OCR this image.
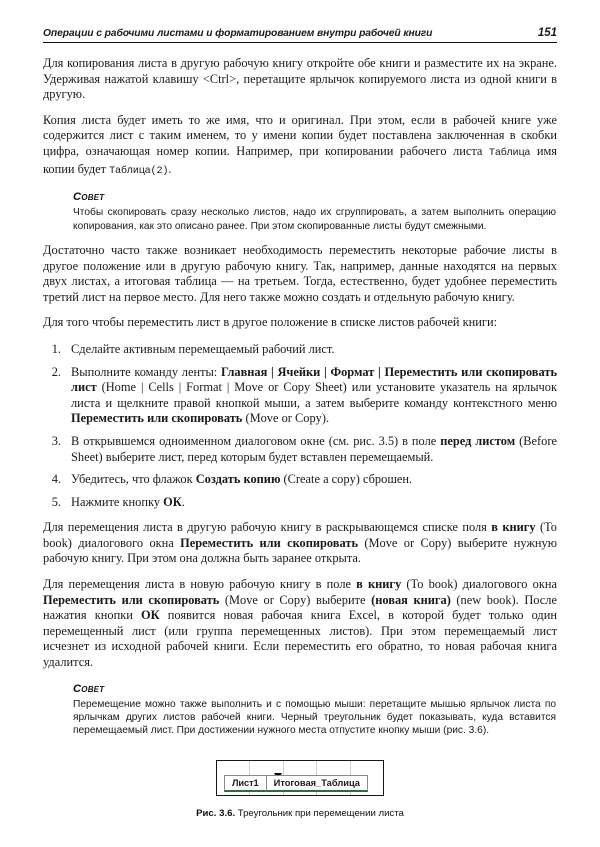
Операции с рабочими листами и форматированием внутри рабочей книги	151

Для копирования листа в другую рабочую книгу откройте обе книги и разместите их на экране. Удерживая нажатой клавишу <Ctrl>, перетащите ярлычок копируемого листа из одной книги в другую.

Копия листа будет иметь то же имя, что и оригинал. При этом, если в рабочей книге уже содержится лист с таким именем, то у имени копии будет поставлена заключенная в скобки цифра, означающая номер копии. Например, при копировании рабочего листа Таблица имя копии будет Таблица(2).

Совет
Чтобы скопировать сразу несколько листов, надо их сгруппировать, а затем выполнить операцию копирования, как это описано ранее. При этом скопированные листы будут смежными.

Достаточно часто также возникает необходимость переместить некоторые рабочие листы в другое положение или в другую рабочую книгу. Так, например, данные находятся на первых двух листах, а итоговая таблица — на третьем. Тогда, естественно, будет удобнее переместить третий лист на первое место. Для него также можно создать и отдельную рабочую книгу.

Для того чтобы переместить лист в другое положение в списке листов рабочей книги:

1. Сделайте активным перемещаемый рабочий лист.
2. Выполните команду ленты: Главная | Ячейки | Формат | Переместить или скопировать лист (Home | Cells | Format | Move or Copy Sheet) или установите указатель на ярлычок листа и щелкните правой кнопкой мыши, а затем выберите команду контекстного меню Переместить или скопировать (Move or Copy).
3. В открывшемся одноименном диалоговом окне (см. рис. 3.5) в поле перед листом (Before Sheet) выберите лист, перед которым будет вставлен перемещаемый.
4. Убедитесь, что флажок Создать копию (Create a copy) сброшен.
5. Нажмите кнопку ОК.

Для перемещения листа в другую рабочую книгу в раскрывающемся списке поля в книгу (To book) диалогового окна Переместить или скопировать (Move or Copy) выберите нужную рабочую книгу. При этом она должна быть заранее открыта.

Для перемещения листа в новую рабочую книгу в поле в книгу (To book) диалогового окна Переместить или скопировать (Move or Copy) выберите (новая книга) (new book). После нажатия кнопки ОК появится новая рабочая книга Excel, в которой будет только один перемещенный лист (или группа перемещенных листов). При этом перемещаемый лист исчезнет из исходной рабочей книги. Если переместить его обратно, то новая рабочая книга удалится.

Совет
Перемещение можно также выполнить и с помощью мыши: перетащите мышью ярлычок листа по ярлычкам других листов рабочей книги. Черный треугольник будет показывать, куда вставится перемещаемый лист. При достижении нужного места отпустите кнопку мыши (рис. 3.6).
Лист1	Итоговая_Таблица
Рис. 3.6. Треугольник при перемещении листа
